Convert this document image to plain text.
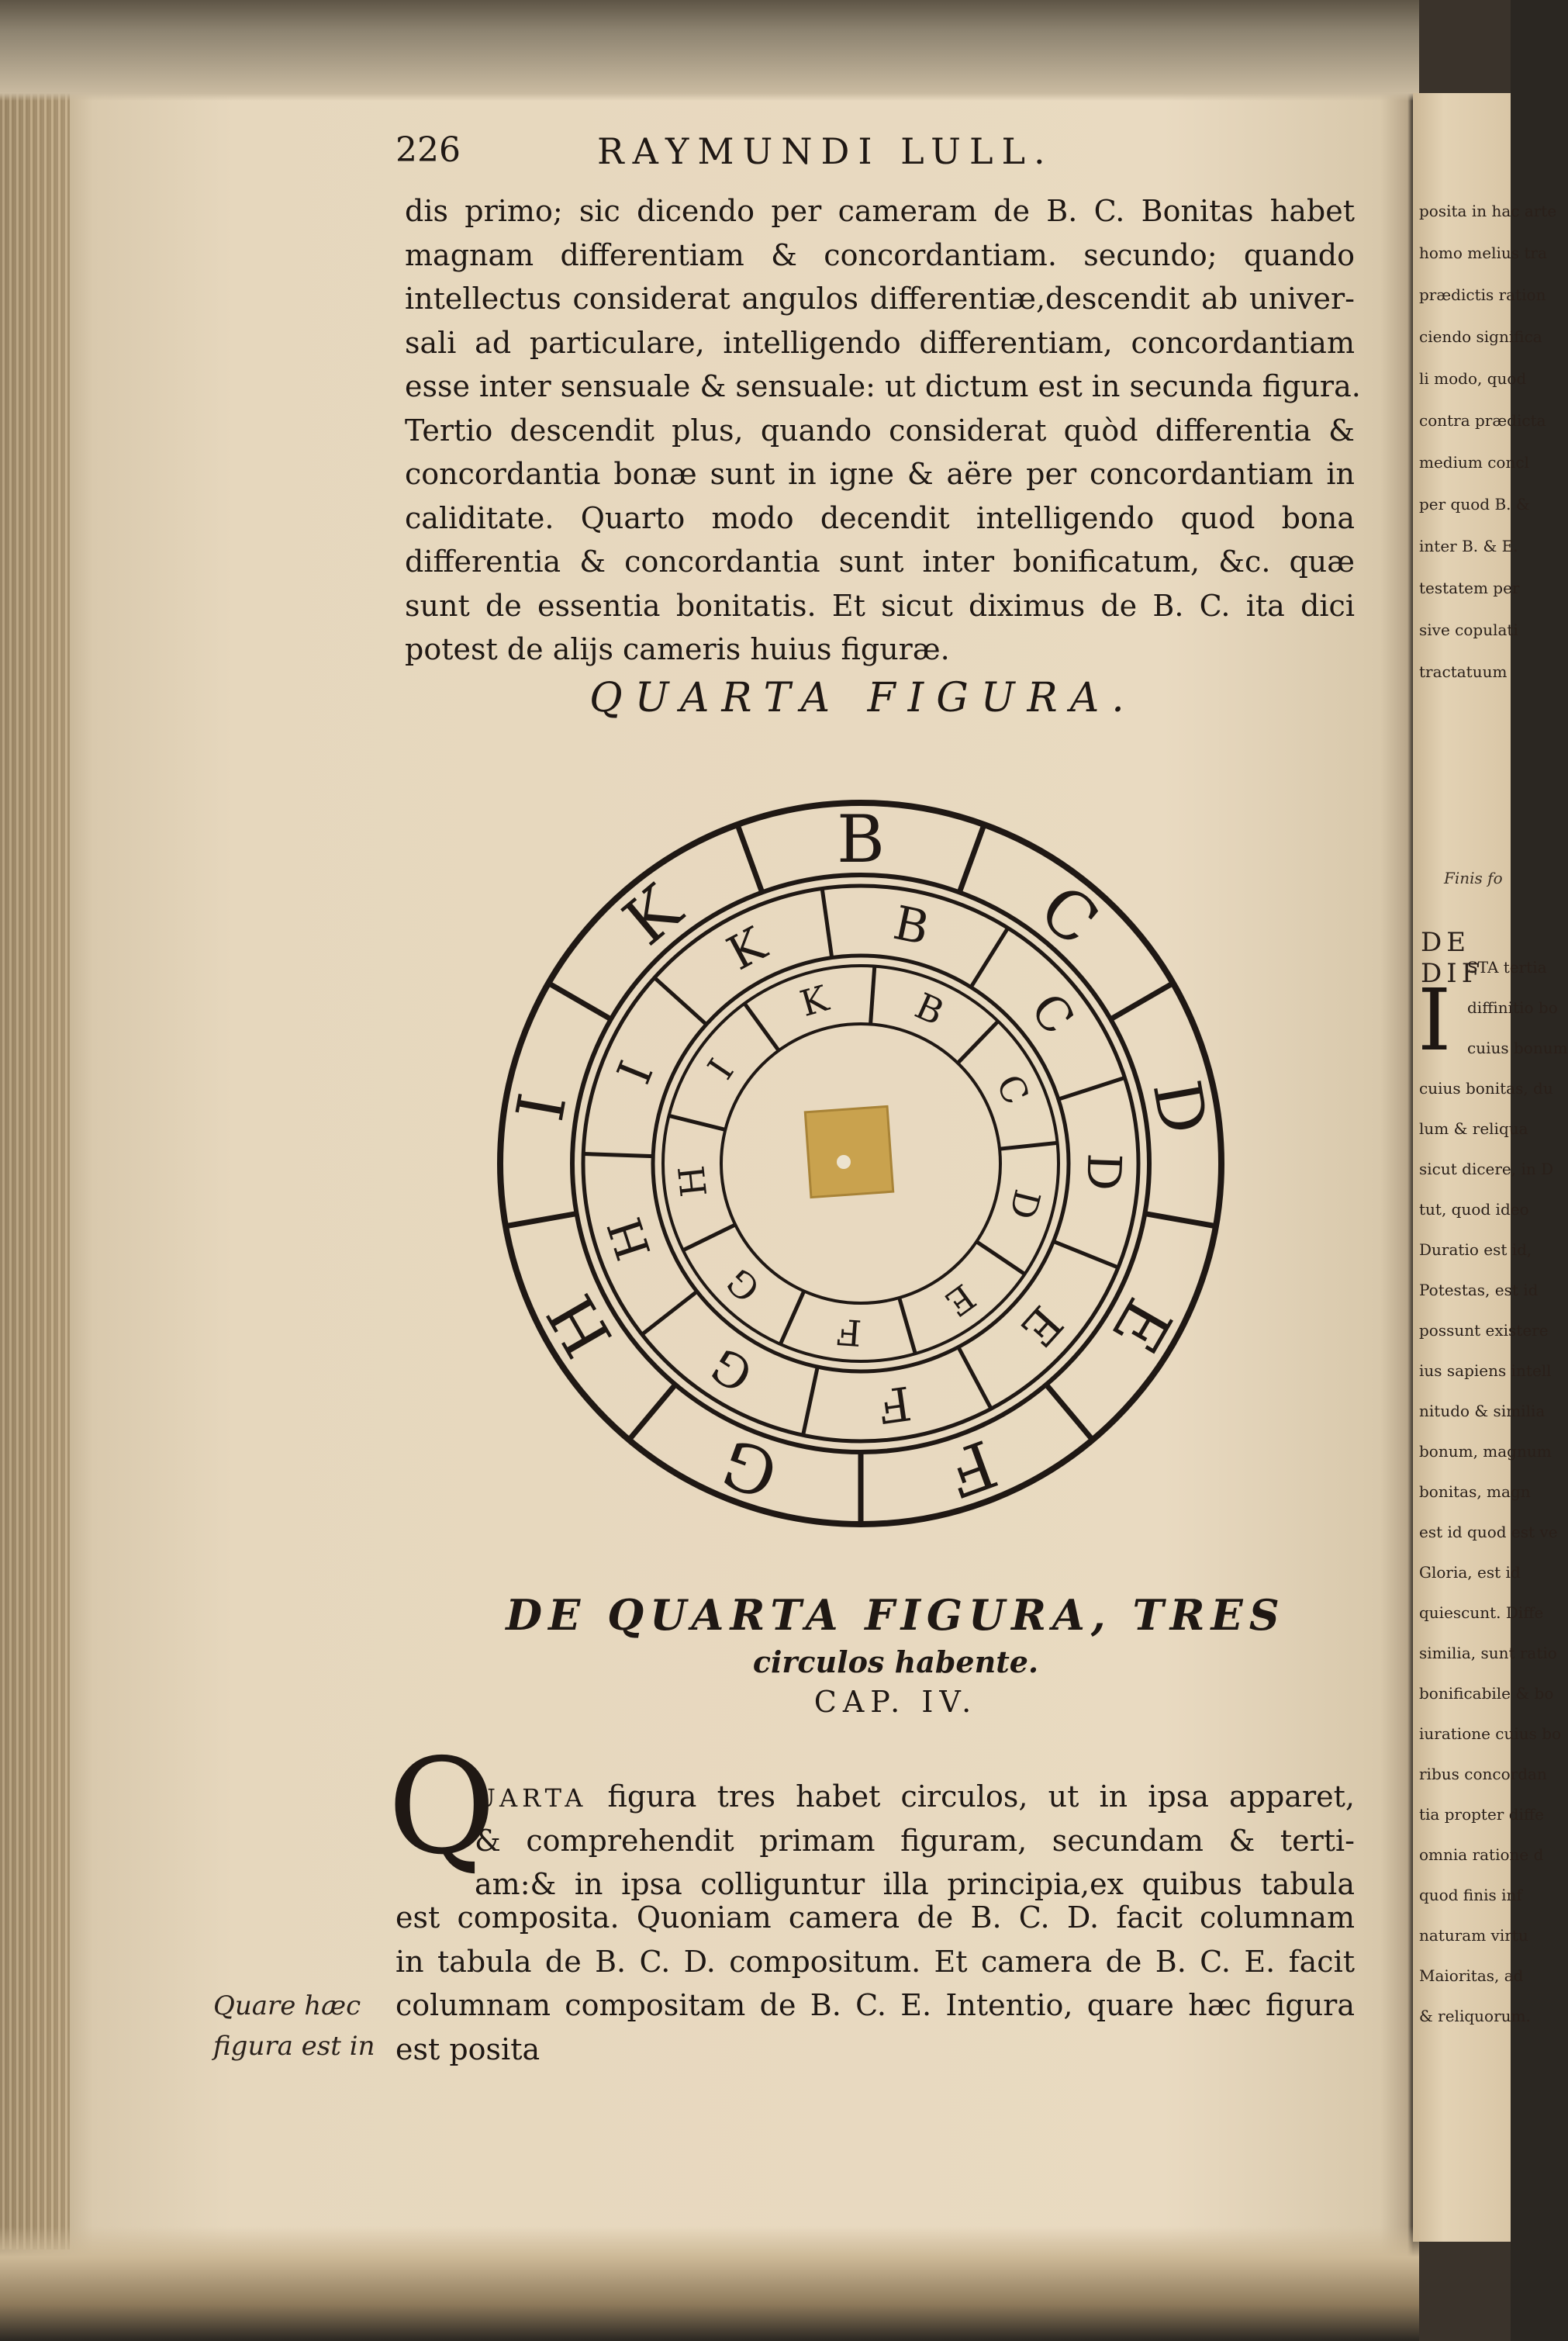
226	RAYMUNDI LULL.
dis primo; sic dicendo per cameram de B. C. Bonitas habet
magnam differentiam & concordantiam. secundo; quando
intellectus considerat angulos differentiæ,descendit ab univer-
sali ad particulare, intelligendo differentiam, concordantiam
esse inter sensuale & sensuale: ut dictum est in secunda figura.
Tertio descendit plus, quando considerat quòd differentia &
concordantia bonæ sunt in igne & aëre per concordantiam in
caliditate. Quarto modo decendit intelligendo quod bona
differentia & concordantia sunt inter bonificatum, &c. quæ
sunt de essentia bonitatis. Et sicut diximus de B. C. ita dici
potest de alijs cameris huius figuræ.
QUARTA FIGURA.
B
C
D
E
F
G
H
I
K	B
C
D
E
F
G
H
I
K
B
C
D
E
F
G
H
I
K
DE QUARTA FIGURA, TRES
circulos habente.
CAP. IV.
Q
UARTA figura tres habet circulos, ut in ipsa apparet,
& comprehendit primam figuram, secundam & terti-
am:& in ipsa colliguntur illa principia,ex quibus tabula
est composita. Quoniam camera de B. C. D. facit columnam
in tabula de B. C. D. compositum. Et camera de B. C. E. facit
columnam compositam de B. C. E. Intentio, quare hæc figura
est posita
Quare hæc
figura est in
posita in hac arte
homo melius tra
prædictis ration
ciendo significa
li modo, quod
contra prædicta
medium concl
per quod B. &
inter B. & E.
testatem per
sive copulati
tractatuum
Finis fo
DE DIF
I
STA tertia
diffinitio bo
cuius bonum
cuius bonitas, du
lum & reliqua
sicut dicere, in D
tut, quod ideo
Duratio est id,
Potestas, est id
possunt existere
ius sapiens intell
nitudo & similia
bonum, magnum
bonitas, magn
est id quod est ve
Gloria, est id
quiescunt. Diffe
similia, sunt ratio
bonificabile & bo
iuratione cuius bo
ribus concordan
tia propter diffe
omnia ratione d
quod finis inf
naturam virtu
Maioritas, ad
& reliquorum.
